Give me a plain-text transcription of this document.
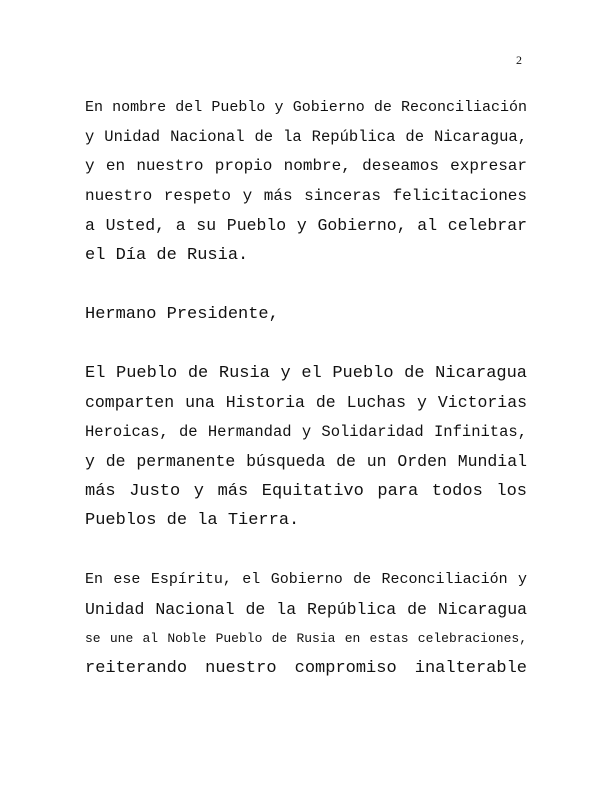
2
En nombre del Pueblo y Gobierno de Reconciliación
y Unidad Nacional de la República de Nicaragua,
y en nuestro propio nombre, deseamos expresar
nuestro respeto y más sinceras felicitaciones
a Usted, a su Pueblo y Gobierno, al celebrar
el Día de Rusia.
Hermano Presidente,
El Pueblo de Rusia y el Pueblo de Nicaragua
comparten una Historia de Luchas y Victorias
Heroicas, de Hermandad y Solidaridad Infinitas,
y de permanente búsqueda de un Orden Mundial
más Justo y más Equitativo para todos los
Pueblos de la Tierra.
En ese Espíritu, el Gobierno de Reconciliación y
Unidad Nacional de la República de Nicaragua
se une al Noble Pueblo de Rusia en estas celebraciones,
reiterando nuestro compromiso inalterable
